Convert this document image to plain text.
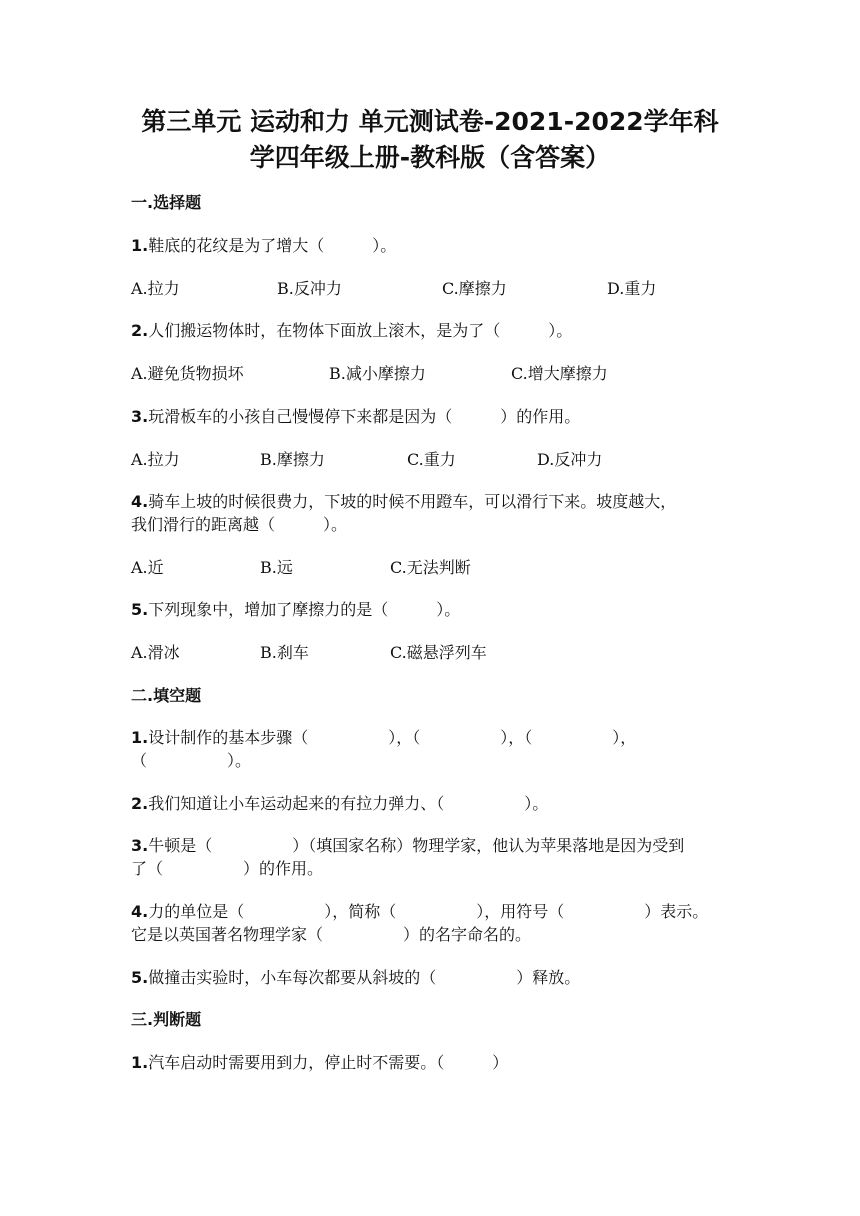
第三单元 运动和力 单元测试卷-2021-2022学年科
学四年级上册-教科版（含答案）
一.选择题
1.鞋底的花纹是为了增大（　　　）。
A.拉力	B.反冲力	C.摩擦力	D.重力
2.人们搬运物体时，在物体下面放上滚木，是为了（　　　）。
A.避免货物损坏	B.减小摩擦力	C.增大摩擦力
3.玩滑板车的小孩自己慢慢停下来都是因为（　　　）的作用。
A.拉力	B.摩擦力	C.重力	D.反冲力
4.骑车上坡的时候很费力，下坡的时候不用蹬车，可以滑行下来。坡度越大，
我们滑行的距离越（　　　）。
A.近	B.远	C.无法判断
5.下列现象中，增加了摩擦力的是（　　　）。
A.滑冰	B.刹车	C.磁悬浮列车
二.填空题
1.设计制作的基本步骤（　　　　　），（　　　　　），（　　　　　），
（　　　　　）。
2.我们知道让小车运动起来的有拉力弹力、（　　　　　）。
3.牛顿是（　　　　　）（填国家名称）物理学家，他认为苹果落地是因为受到
了（　　　　　）的作用。
4.力的单位是（　　　　　），简称（　　　　　），用符号（　　　　　）表示。
它是以英国著名物理学家（　　　　　）的名字命名的。
5.做撞击实验时，小车每次都要从斜坡的（　　　　　）释放。
三.判断题
1.汽车启动时需要用到力，停止时不需要。（　　　）
